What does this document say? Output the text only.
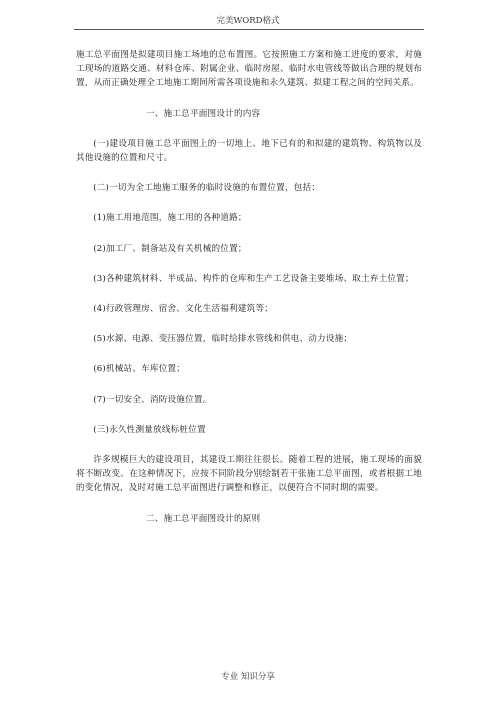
完美WORD格式

施工总平面图是拟建项目施工场地的总布置图。它按照施工方案和施工进度的要求，对施工现场的道路交通、材料仓库、附属企业、临时房屋、临时水电管线等做出合理的规划布置，从而正确处理全工地施工期间所需各项设施和永久建筑、拟建工程之间的空间关系。

一、施工总平面图设计的内容

(一)建设项目施工总平面图上的一切地上、地下已有的和拟建的建筑物、构筑物以及其他设施的位置和尺寸。

(二)一切为全工地施工服务的临时设施的布置位置，包括：

(1)施工用地范围，施工用的各种道路；

(2)加工厂、制备站及有关机械的位置；

(3)各种建筑材料、半成品、构件的仓库和生产工艺设备主要堆场、取土弃土位置；

(4)行政管理房、宿舍、文化生活福利建筑等；

(5)水源、电源、变压器位置，临时给排水管线和供电、动力设施；

(6)机械站、车库位置；

(7)一切安全、消防设施位置。

(三)永久性测量放线标桩位置

许多规模巨大的建设项目，其建设工期往往很长。随着工程的进展，施工现场的面貌将不断改变。在这种情况下，应按不同阶段分别绘制若干张施工总平面图，或者根据工地的变化情况，及时对施工总平面图进行调整和修正，以便符合不同时期的需要。

二、施工总平面图设计的原则

专业 知识分享
